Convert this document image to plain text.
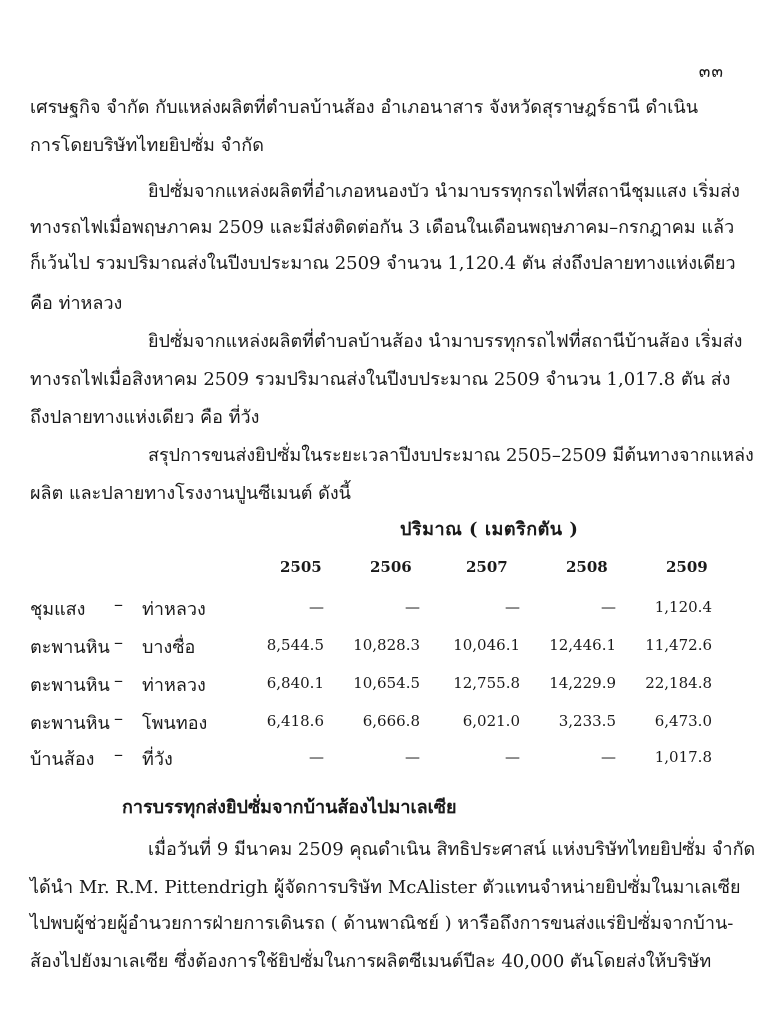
๓๓
เศรษฐกิจ จำกัด กับแหล่งผลิตที่ตำบลบ้านส้อง อำเภอนาสาร จังหวัดสุราษฎร์ธานี ดำเนิน
การโดยบริษัทไทยยิปซั่ม จำกัด
ยิปซั่มจากแหล่งผลิตที่อำเภอหนองบัว นำมาบรรทุกรถไฟที่สถานีชุมแสง เริ่มส่ง
ทางรถไฟเมื่อพฤษภาคม 2509 และมีส่งติดต่อกัน 3 เดือนในเดือนพฤษภาคม–กรกฎาคม แล้ว
ก็เว้นไป รวมปริมาณส่งในปีงบประมาณ 2509 จำนวน 1,120.4 ตัน ส่งถึงปลายทางแห่งเดียว
คือ ท่าหลวง
ยิปซั่มจากแหล่งผลิตที่ตำบลบ้านส้อง นำมาบรรทุกรถไฟที่สถานีบ้านส้อง เริ่มส่ง
ทางรถไฟเมื่อสิงหาคม 2509 รวมปริมาณส่งในปีงบประมาณ 2509 จำนวน 1,017.8 ตัน ส่ง
ถึงปลายทางแห่งเดียว คือ ที่วัง
สรุปการขนส่งยิปซั่มในระยะเวลาปีงบประมาณ 2505–2509 มีต้นทางจากแหล่ง
ผลิต และปลายทางโรงงานปูนซีเมนต์ ดังนี้
ปริมาณ ( เมตริกตัน )
2505	2506	2507	2508	2509
ชุมแสง – ท่าหลวง	—	—	—	—	1,120.4
ตะพานหิน – บางซื่อ	8,544.5	10,828.3	10,046.1	12,446.1	11,472.6
ตะพานหิน – ท่าหลวง	6,840.1	10,654.5	12,755.8	14,229.9	22,184.8
ตะพานหิน – โพนทอง	6,418.6	6,666.8	6,021.0	3,233.5	6,473.0
บ้านส้อง – ที่วัง	—	—	—	—	1,017.8
การบรรทุกส่งยิปซั่มจากบ้านส้องไปมาเลเซีย
เมื่อวันที่ 9 มีนาคม 2509 คุณดำเนิน สิทธิประศาสน์ แห่งบริษัทไทยยิปซั่ม จำกัด
ได้นำ Mr. R.M. Pittendrigh ผู้จัดการบริษัท McAlister ตัวแทนจำหน่ายยิปซั่มในมาเลเซีย
ไปพบผู้ช่วยผู้อำนวยการฝ่ายการเดินรถ ( ด้านพาณิชย์ ) หารือถึงการขนส่งแร่ยิปซั่มจากบ้าน-
ส้องไปยังมาเลเซีย ซึ่งต้องการใช้ยิปซั่มในการผลิตซีเมนต์ปีละ 40,000 ตันโดยส่งให้บริษัท
